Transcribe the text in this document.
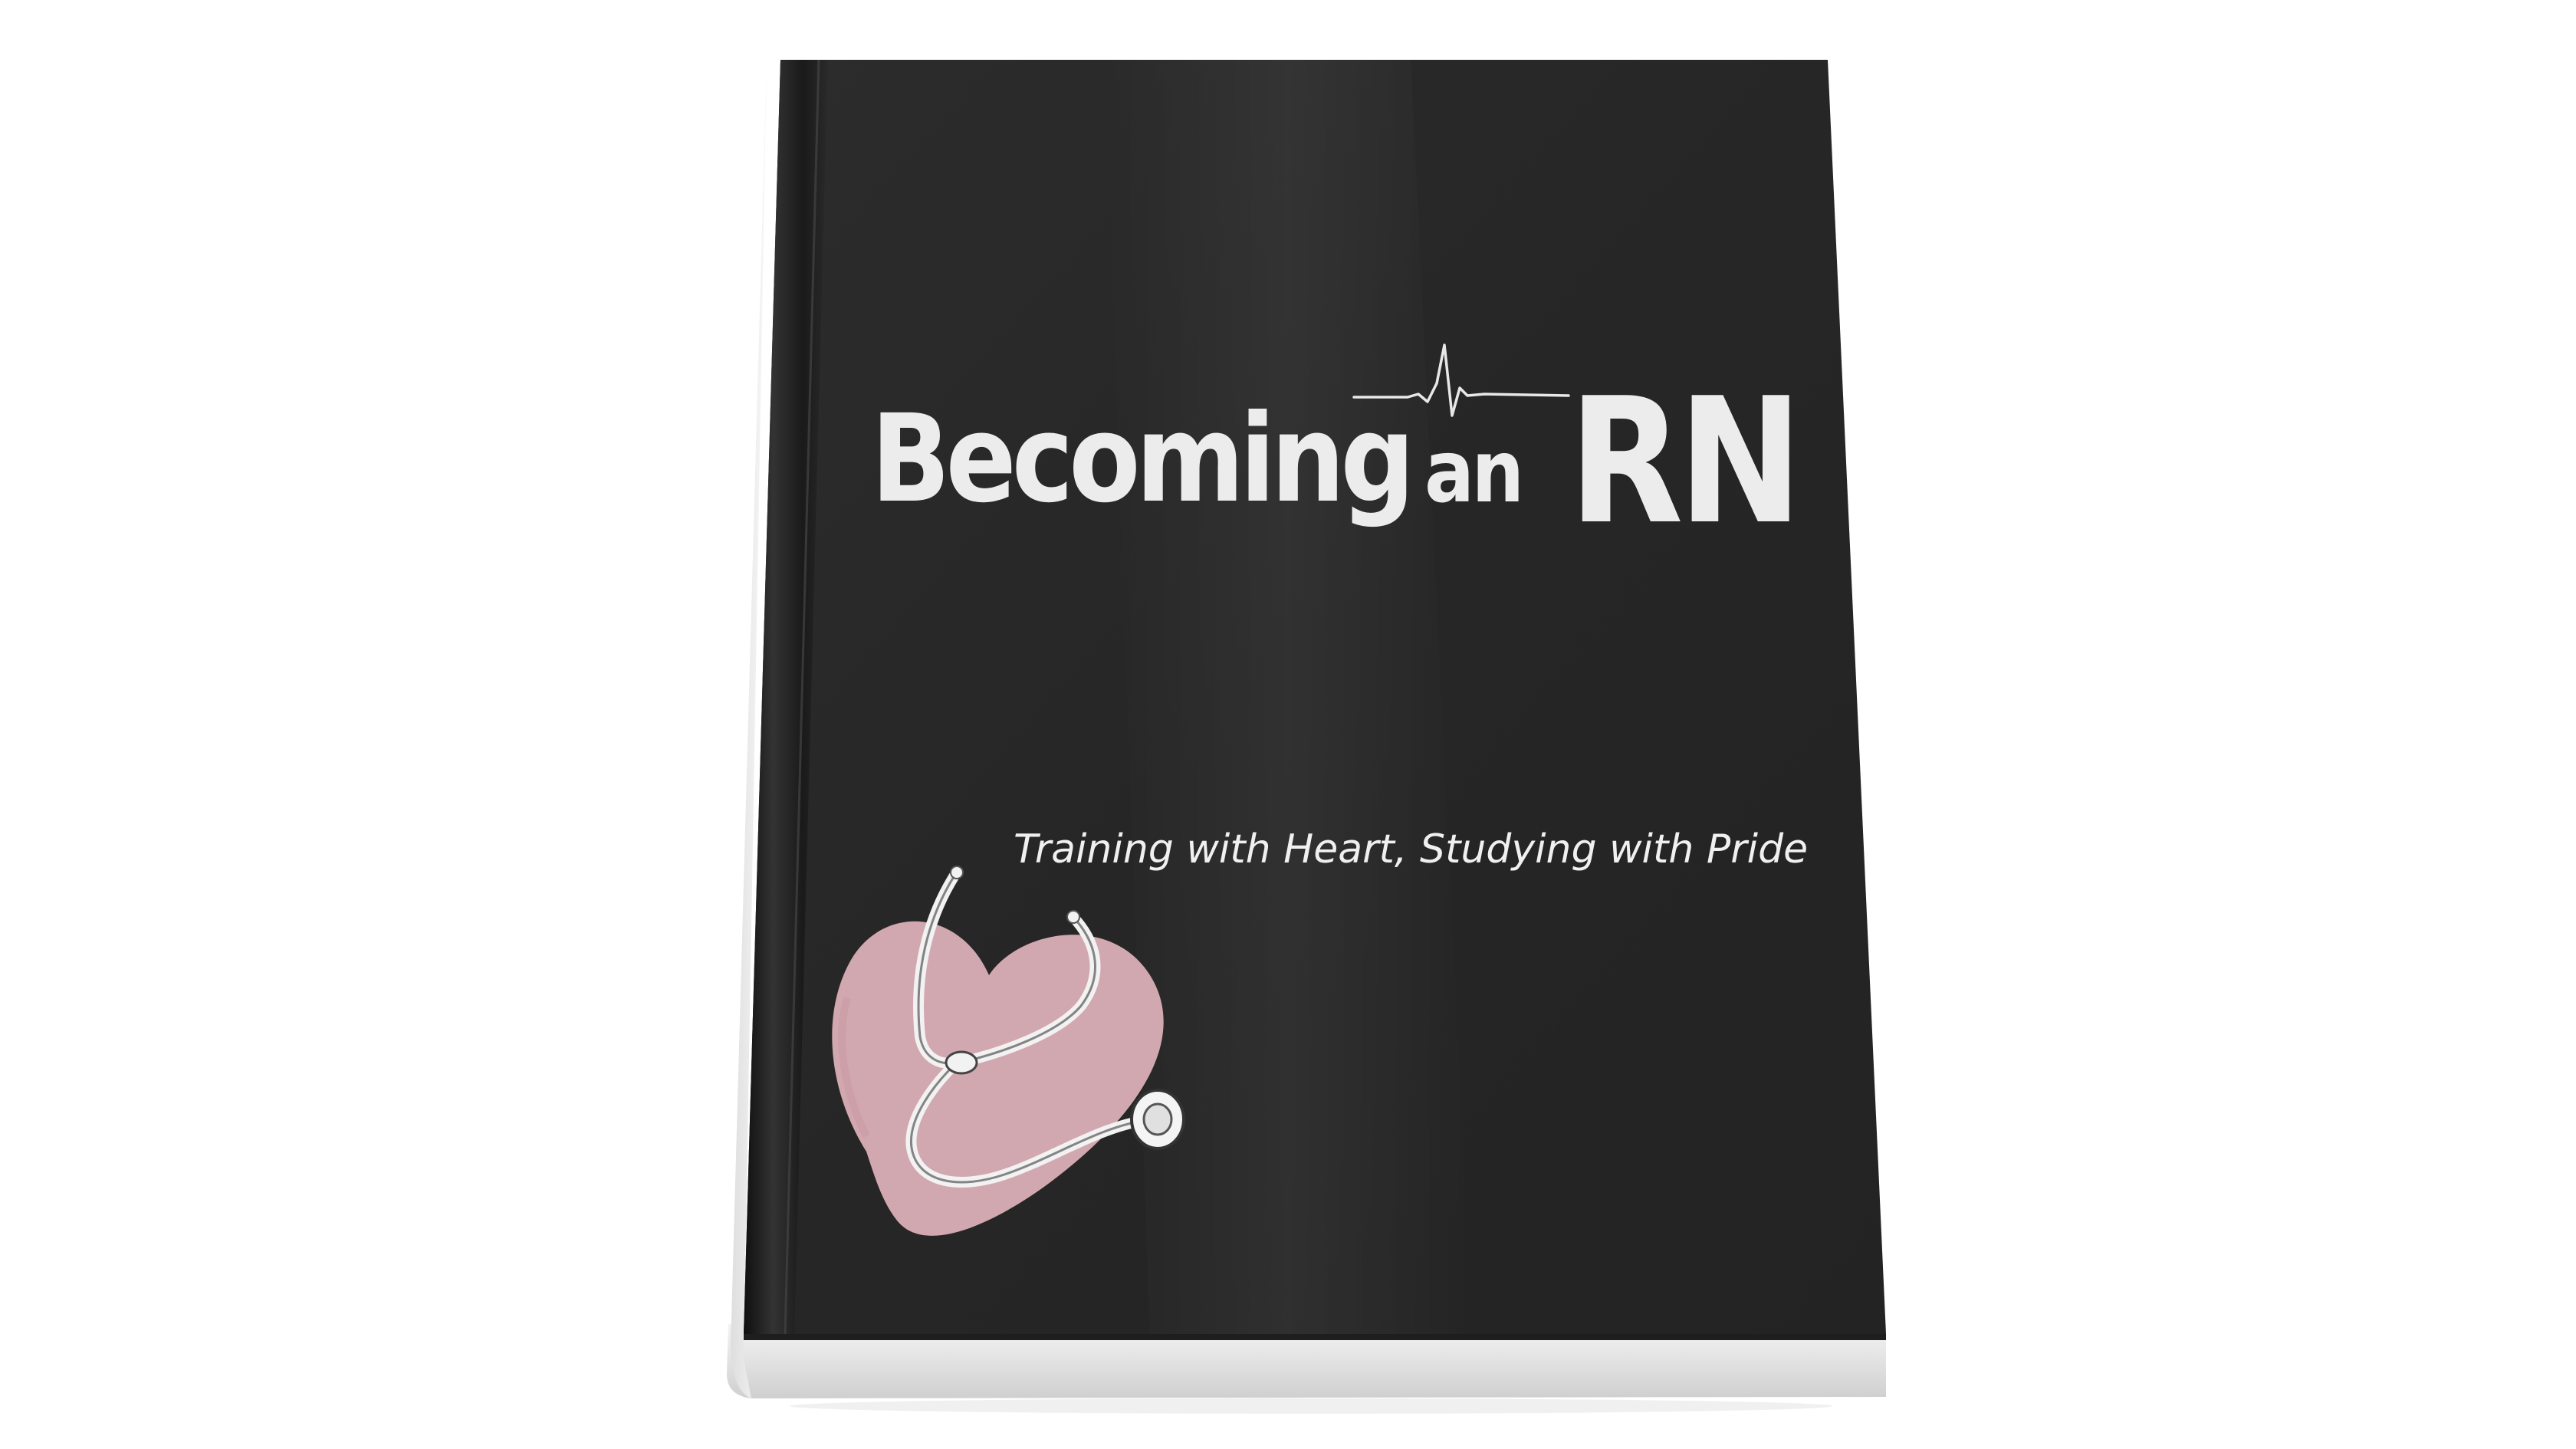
Becoming an RN
Training with Heart, Studying with Pride
